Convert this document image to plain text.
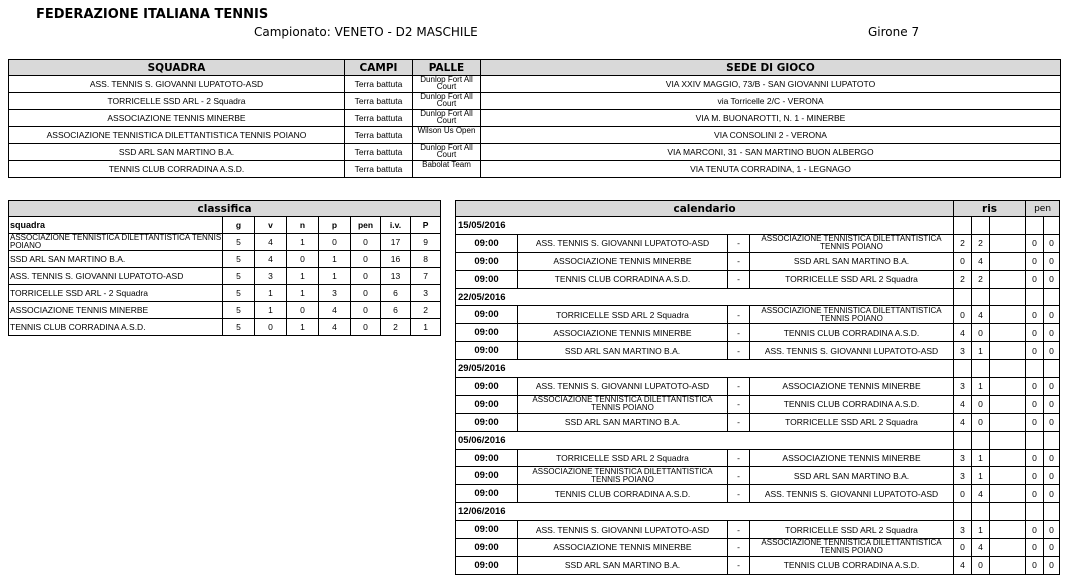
FEDERAZIONE ITALIANA TENNIS
Campionato: VENETO - D2 MASCHILE	Girone 7
SQUADRA	CAMPI	PALLE	SEDE DI GIOCO
ASS. TENNIS S. GIOVANNI LUPATOTO-ASD	Terra battuta	Dunlop Fort All Court	VIA XXIV MAGGIO, 73/B - SAN GIOVANNI LUPATOTO
TORRICELLE SSD ARL - 2 Squadra	Terra battuta	Dunlop Fort All Court	via Torricelle 2/C - VERONA
ASSOCIAZIONE TENNIS MINERBE	Terra battuta	Dunlop Fort All Court	VIA M. BUONAROTTI, N. 1 - MINERBE
ASSOCIAZIONE TENNISTICA DILETTANTISTICA TENNIS POIANO	Terra battuta	Wilson Us Open	VIA CONSOLINI 2 - VERONA
SSD ARL SAN MARTINO B.A.	Terra battuta	Dunlop Fort All Court	VIA MARCONI, 31 - SAN MARTINO BUON ALBERGO
TENNIS CLUB CORRADINA A.S.D.	Terra battuta	Babolat Team	VIA TENUTA CORRADINA, 1 - LEGNAGO
classifica							
squadra	g	v	n	p	pen	i.v.	P
ASSOCIAZIONE TENNISTICA DILETTANTISTICA TENNIS POIANO	5	4	1	0	0	17	9
SSD ARL SAN MARTINO B.A.	5	4	0	1	0	16	8
ASS. TENNIS S. GIOVANNI LUPATOTO-ASD	5	3	1	1	0	13	7
TORRICELLE SSD ARL - 2 Squadra	5	1	1	3	0	6	3
ASSOCIAZIONE TENNIS MINERBE	5	1	0	4	0	6	2
TENNIS CLUB CORRADINA A.S.D.	5	0	1	4	0	2	1
calendario				ris			pen	
15/05/2016								
09:00	ASS. TENNIS S. GIOVANNI LUPATOTO-ASD	-	ASSOCIAZIONE TENNISTICA DILETTANTISTICA TENNIS POIANO	2	2		0	0
09:00	ASSOCIAZIONE TENNIS MINERBE	-	SSD ARL SAN MARTINO B.A.	0	4		0	0
09:00	TENNIS CLUB CORRADINA A.S.D.	-	TORRICELLE SSD ARL 2 Squadra	2	2		0	0
22/05/2016								
09:00	TORRICELLE SSD ARL 2 Squadra	-	ASSOCIAZIONE TENNISTICA DILETTANTISTICA TENNIS POIANO	0	4		0	0
09:00	ASSOCIAZIONE TENNIS MINERBE	-	TENNIS CLUB CORRADINA A.S.D.	4	0		0	0
09:00	SSD ARL SAN MARTINO B.A.	-	ASS. TENNIS S. GIOVANNI LUPATOTO-ASD	3	1		0	0
29/05/2016								
09:00	ASS. TENNIS S. GIOVANNI LUPATOTO-ASD	-	ASSOCIAZIONE TENNIS MINERBE	3	1		0	0
09:00	ASSOCIAZIONE TENNISTICA DILETTANTISTICA TENNIS POIANO	-	TENNIS CLUB CORRADINA A.S.D.	4	0		0	0
09:00	SSD ARL SAN MARTINO B.A.	-	TORRICELLE SSD ARL 2 Squadra	4	0		0	0
05/06/2016								
09:00	TORRICELLE SSD ARL 2 Squadra	-	ASSOCIAZIONE TENNIS MINERBE	3	1		0	0
09:00	ASSOCIAZIONE TENNISTICA DILETTANTISTICA TENNIS POIANO	-	SSD ARL SAN MARTINO B.A.	3	1		0	0
09:00	TENNIS CLUB CORRADINA A.S.D.	-	ASS. TENNIS S. GIOVANNI LUPATOTO-ASD	0	4		0	0
12/06/2016								
09:00	ASS. TENNIS S. GIOVANNI LUPATOTO-ASD	-	TORRICELLE SSD ARL 2 Squadra	3	1		0	0
09:00	ASSOCIAZIONE TENNIS MINERBE	-	ASSOCIAZIONE TENNISTICA DILETTANTISTICA TENNIS POIANO	0	4		0	0
09:00	SSD ARL SAN MARTINO B.A.	-	TENNIS CLUB CORRADINA A.S.D.	4	0		0	0
